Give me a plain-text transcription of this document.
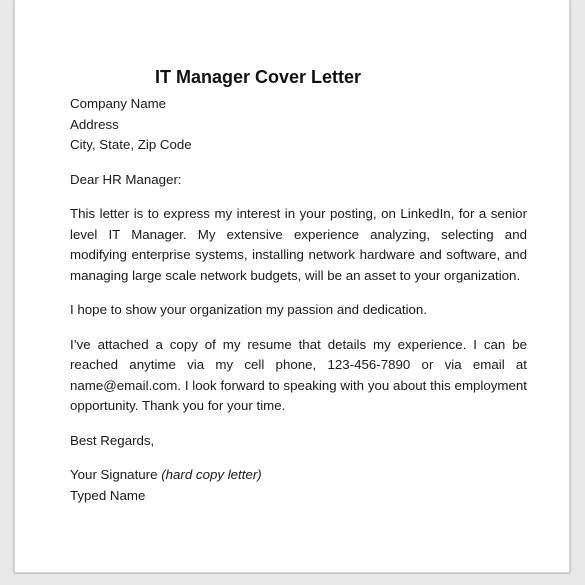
IT Manager Cover Letter
Company Name
Address
City, State, Zip Code
Dear HR Manager:
This letter is to express my interest in your posting, on LinkedIn, for a senior level IT Manager. My extensive experience analyzing, selecting and modifying enterprise systems, installing network hardware and software, and managing large scale network budgets, will be an asset to your organization.
I hope to show your organization my passion and dedication.
I’ve attached a copy of my resume that details my experience. I can be reached anytime via my cell phone, 123-456-7890 or via email at name@email.com. I look forward to speaking with you about this employment opportunity. Thank you for your time.
Best Regards,
Your Signature (hard copy letter)
Typed Name
